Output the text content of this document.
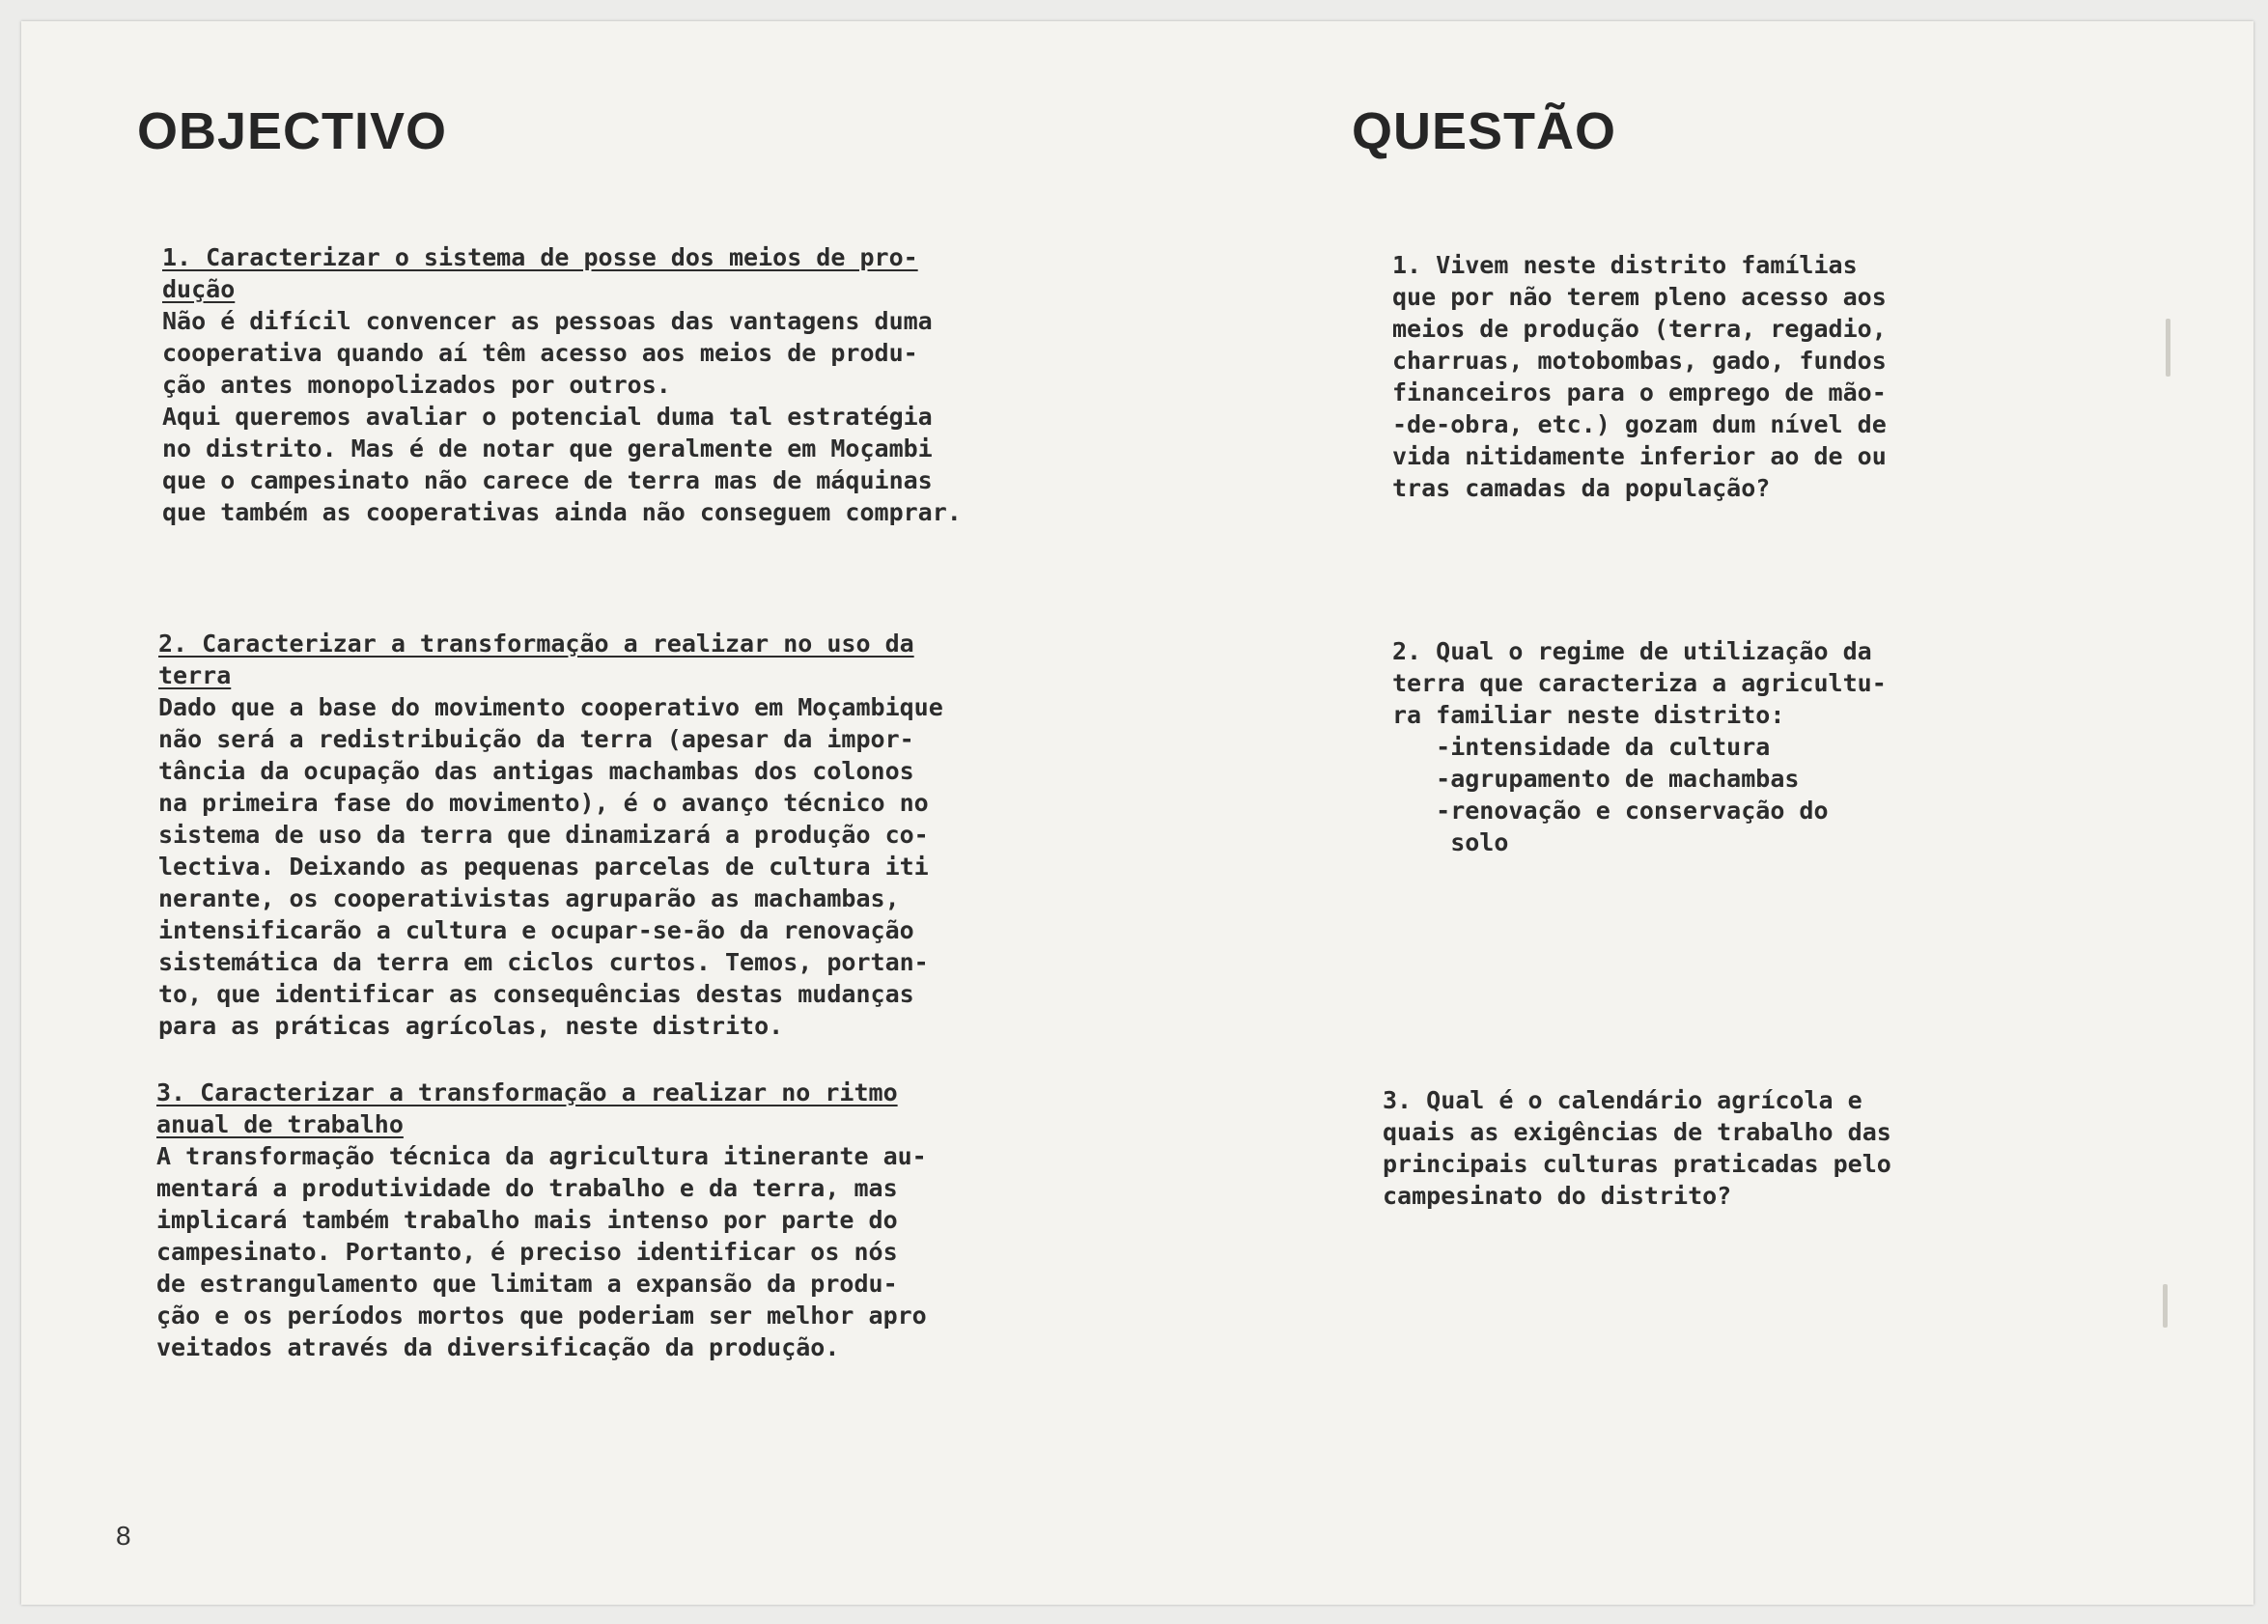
OBJECTIVO	QUESTÃO
1. Caracterizar o sistema de posse dos meios de pro-
dução
Não é difícil convencer as pessoas das vantagens duma
cooperativa quando aí têm acesso aos meios de produ-
ção antes monopolizados por outros.
Aqui queremos avaliar o potencial duma tal estratégia
no distrito. Mas é de notar que geralmente em Moçambi
que o campesinato não carece de terra mas de máquinas
que também as cooperativas ainda não conseguem comprar.
2. Caracterizar a transformação a realizar no uso da
terra
Dado que a base do movimento cooperativo em Moçambique
não será a redistribuição da terra (apesar da impor-
tância da ocupação das antigas machambas dos colonos
na primeira fase do movimento), é o avanço técnico no
sistema de uso da terra que dinamizará a produção co-
lectiva. Deixando as pequenas parcelas de cultura iti
nerante, os cooperativistas agruparão as machambas,
intensificarão a cultura e ocupar-se-ão da renovação
sistemática da terra em ciclos curtos. Temos, portan-
to, que identificar as consequências destas mudanças
para as práticas agrícolas, neste distrito.
3. Caracterizar a transformação a realizar no ritmo
anual de trabalho
A transformação técnica da agricultura itinerante au-
mentará a produtividade do trabalho e da terra, mas
implicará também trabalho mais intenso por parte do
campesinato. Portanto, é preciso identificar os nós
de estrangulamento que limitam a expansão da produ-
ção e os períodos mortos que poderiam ser melhor apro
veitados através da diversificação da produção.
1. Vivem neste distrito famílias
que por não terem pleno acesso aos
meios de produção (terra, regadio,
charruas, motobombas, gado, fundos
financeiros para o emprego de mão-
-de-obra, etc.) gozam dum nível de
vida nitidamente inferior ao de ou
tras camadas da população?
2. Qual o regime de utilização da
terra que caracteriza a agricultu-
ra familiar neste distrito:
-intensidade da cultura
-agrupamento de machambas
-renovação e conservação do
solo
3. Qual é o calendário agrícola e
quais as exigências de trabalho das
principais culturas praticadas pelo
campesinato do distrito?
8
